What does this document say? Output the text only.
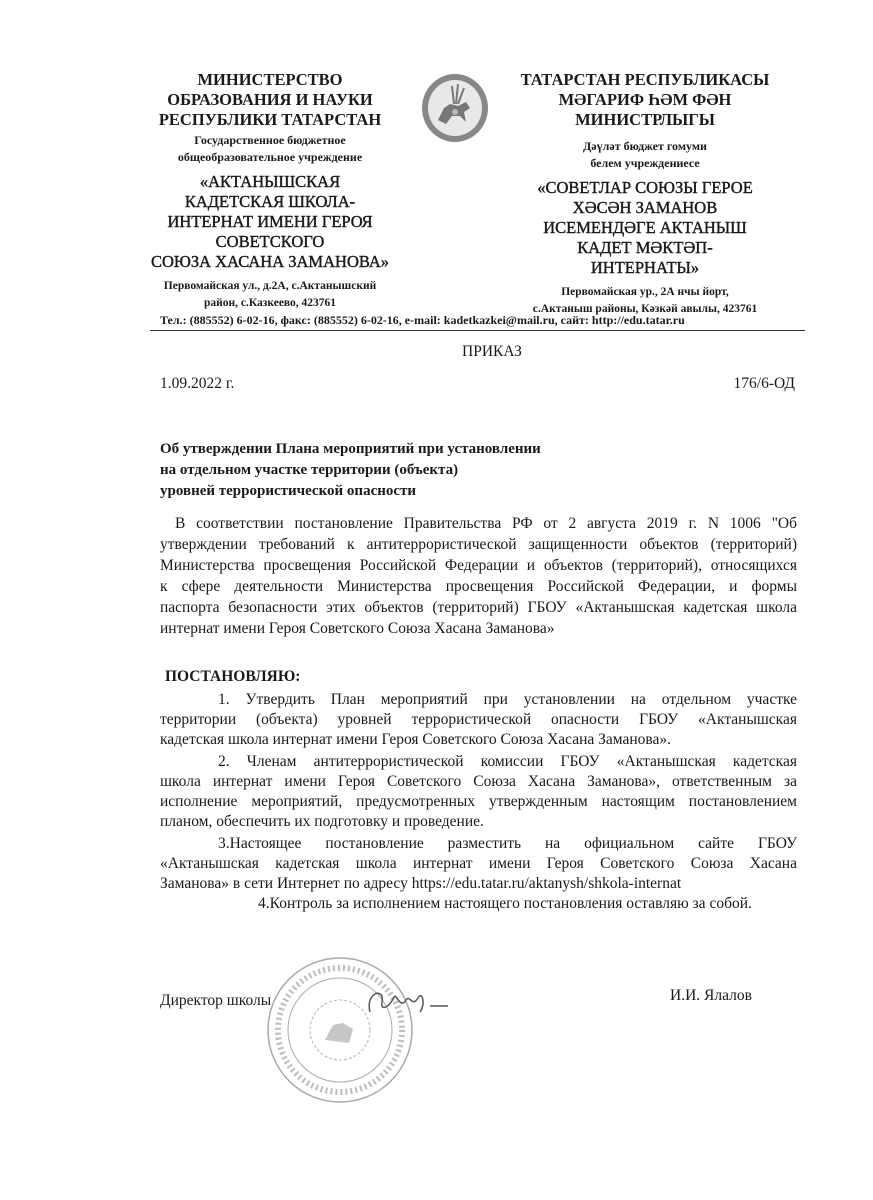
МИНИСТЕРСТВО
ОБРАЗОВАНИЯ И НАУКИ
РЕСПУБЛИКИ ТАТАРСТАН
Государственное бюджетное
общеобразовательное учреждение
«АКТАНЫШСКАЯ
КАДЕТСКАЯ ШКОЛА-
ИНТЕРНАТ ИМЕНИ ГЕРОЯ
СОВЕТСКОГО
СОЮЗА ХАСАНА ЗАМАНОВА»
Первомайская ул., д.2А, с.Актанышский
район, с.Казкеево, 423761
ТАТАРСТАН РЕСПУБЛИКАСЫ
МӘГАРИФ ҺӘМ ФӘН
МИНИСТРЛЫГЫ
Дәүләт бюджет гомуми
белем учреждениесе
«СОВЕТЛАР СОЮЗЫ ГЕРОЕ
ХӘСӘН ЗАМАНОВ
ИСЕМЕНДӘГЕ АКТАНЫШ
КАДЕТ МӘКТӘП-
ИНТЕРНАТЫ»
Первомайская ур., 2А нчы йорт,
с.Актаныш районы, Кәзкәй авылы, 423761
Тел.: (885552) 6-02-16, факс: (885552) 6-02-16, e-mail: kadetkazkei@mail.ru, сайт: http://edu.tatar.ru
ПРИКАЗ
1.09.2022 г.	176/6-ОД
Об утверждении Плана мероприятий при установлении
на отдельном участке территории (объекта)
уровней террористической опасности
В соответствии постановление Правительства РФ от 2 августа 2019 г. N 1006 "Об
утверждении требований к антитеррористической защищенности объектов (территорий)
Министерства просвещения Российской Федерации и объектов (территорий), относящихся
к сфере деятельности Министерства просвещения Российской Федерации, и формы
паспорта безопасности этих объектов (территорий) ГБОУ «Актанышская кадетская школа
интернат имени Героя Советского Союза Хасана Заманова»
ПОСТАНОВЛЯЮ:
1. Утвердить План мероприятий при установлении на отдельном участке
территории (объекта) уровней террористической опасности ГБОУ «Актанышская
кадетская школа интернат имени Героя Советского Союза Хасана Заманова».
2. Членам антитеррористической комиссии ГБОУ «Актанышская кадетская
школа интернат имени Героя Советского Союза Хасана Заманова», ответственным за
исполнение мероприятий, предусмотренных утвержденным настоящим постановлением
планом, обеспечить их подготовку и проведение.
3.Настоящее постановление разместить на официальном сайте ГБОУ
«Актанышская кадетская школа интернат имени Героя Советского Союза Хасана
Заманова» в сети Интернет по адресу https://edu.tatar.ru/aktanysh/shkola-internat
4.Контроль за исполнением настоящего постановления оставляю за собой.
Директор школы	И.И. Ялалов
